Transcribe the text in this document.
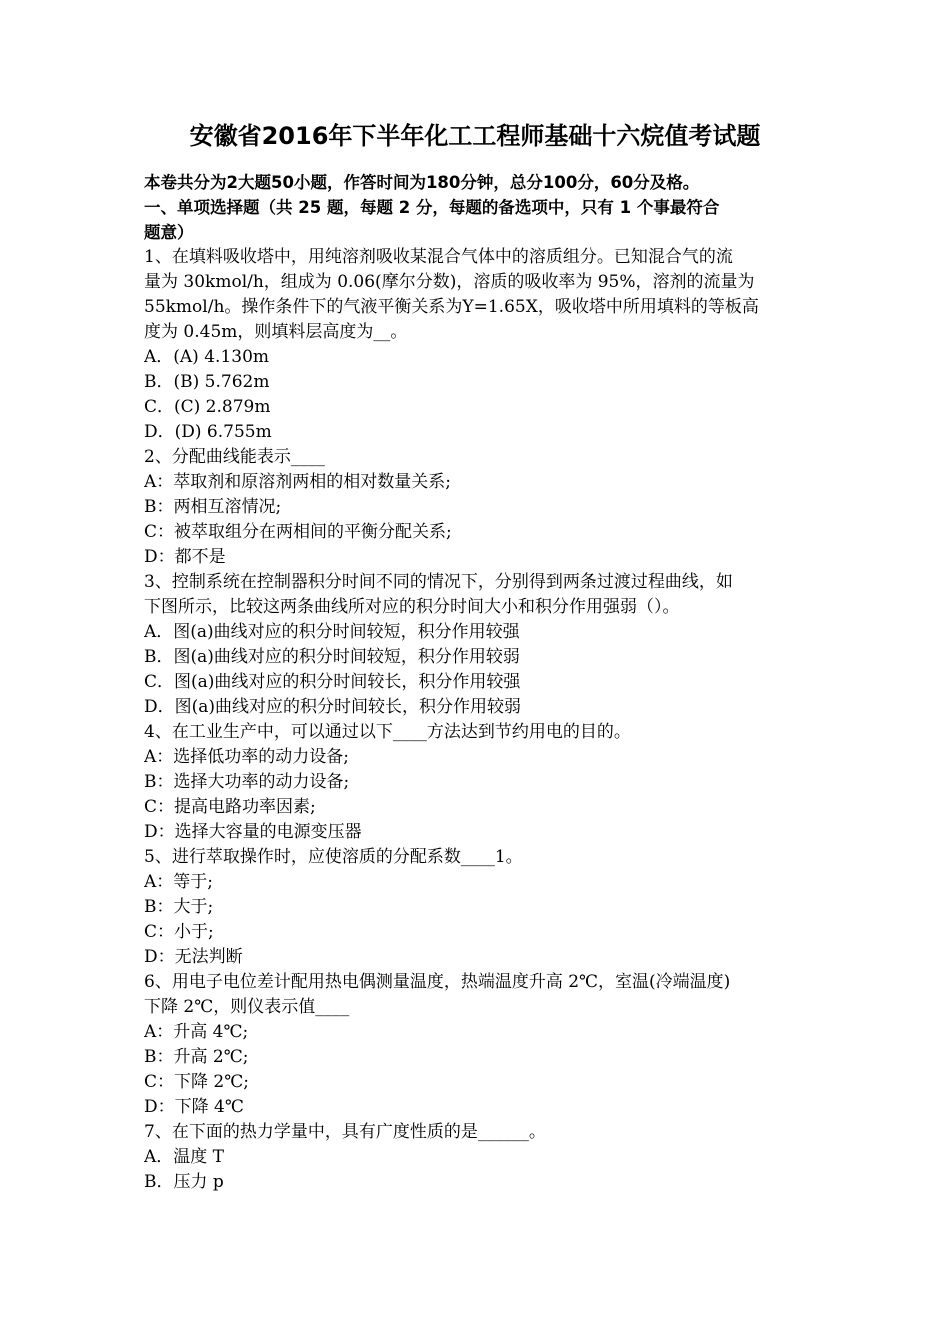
安徽省2016年下半年化工工程师基础十六烷值考试题
本卷共分为2大题50小题，作答时间为180分钟，总分100分，60分及格。
一、单项选择题（共 25 题，每题 2 分，每题的备选项中，只有 1 个事最符合
题意）
1、在填料吸收塔中，用纯溶剂吸收某混合气体中的溶质组分。已知混合气的流
量为 30kmol/h，组成为 0.06(摩尔分数)，溶质的吸收率为 95%，溶剂的流量为
55kmol/h。操作条件下的气液平衡关系为Y=1.65X，吸收塔中所用填料的等板高
度为 0.45m，则填料层高度为__。
A．(A) 4.130m
B．(B) 5.762m
C．(C) 2.879m
D．(D) 6.755m
2、分配曲线能表示____
A：萃取剂和原溶剂两相的相对数量关系;
B：两相互溶情况;
C：被萃取组分在两相间的平衡分配关系;
D：都不是
3、控制系统在控制器积分时间不同的情况下，分别得到两条过渡过程曲线，如
下图所示，比较这两条曲线所对应的积分时间大小和积分作用强弱（）。
A．图(a)曲线对应的积分时间较短，积分作用较强
B．图(a)曲线对应的积分时间较短，积分作用较弱
C．图(a)曲线对应的积分时间较长，积分作用较强
D．图(a)曲线对应的积分时间较长，积分作用较弱
4、在工业生产中，可以通过以下____方法达到节约用电的目的。
A：选择低功率的动力设备;
B：选择大功率的动力设备;
C：提高电路功率因素;
D：选择大容量的电源变压器
5、进行萃取操作时，应使溶质的分配系数____1。
A：等于;
B：大于;
C：小于;
D：无法判断
6、用电子电位差计配用热电偶测量温度，热端温度升高 2℃，室温(冷端温度)
下降 2℃，则仪表示值____
A：升高 4℃;
B：升高 2℃;
C：下降 2℃;
D：下降 4℃
7、在下面的热力学量中，具有广度性质的是______。
A．温度 T
B．压力 p
